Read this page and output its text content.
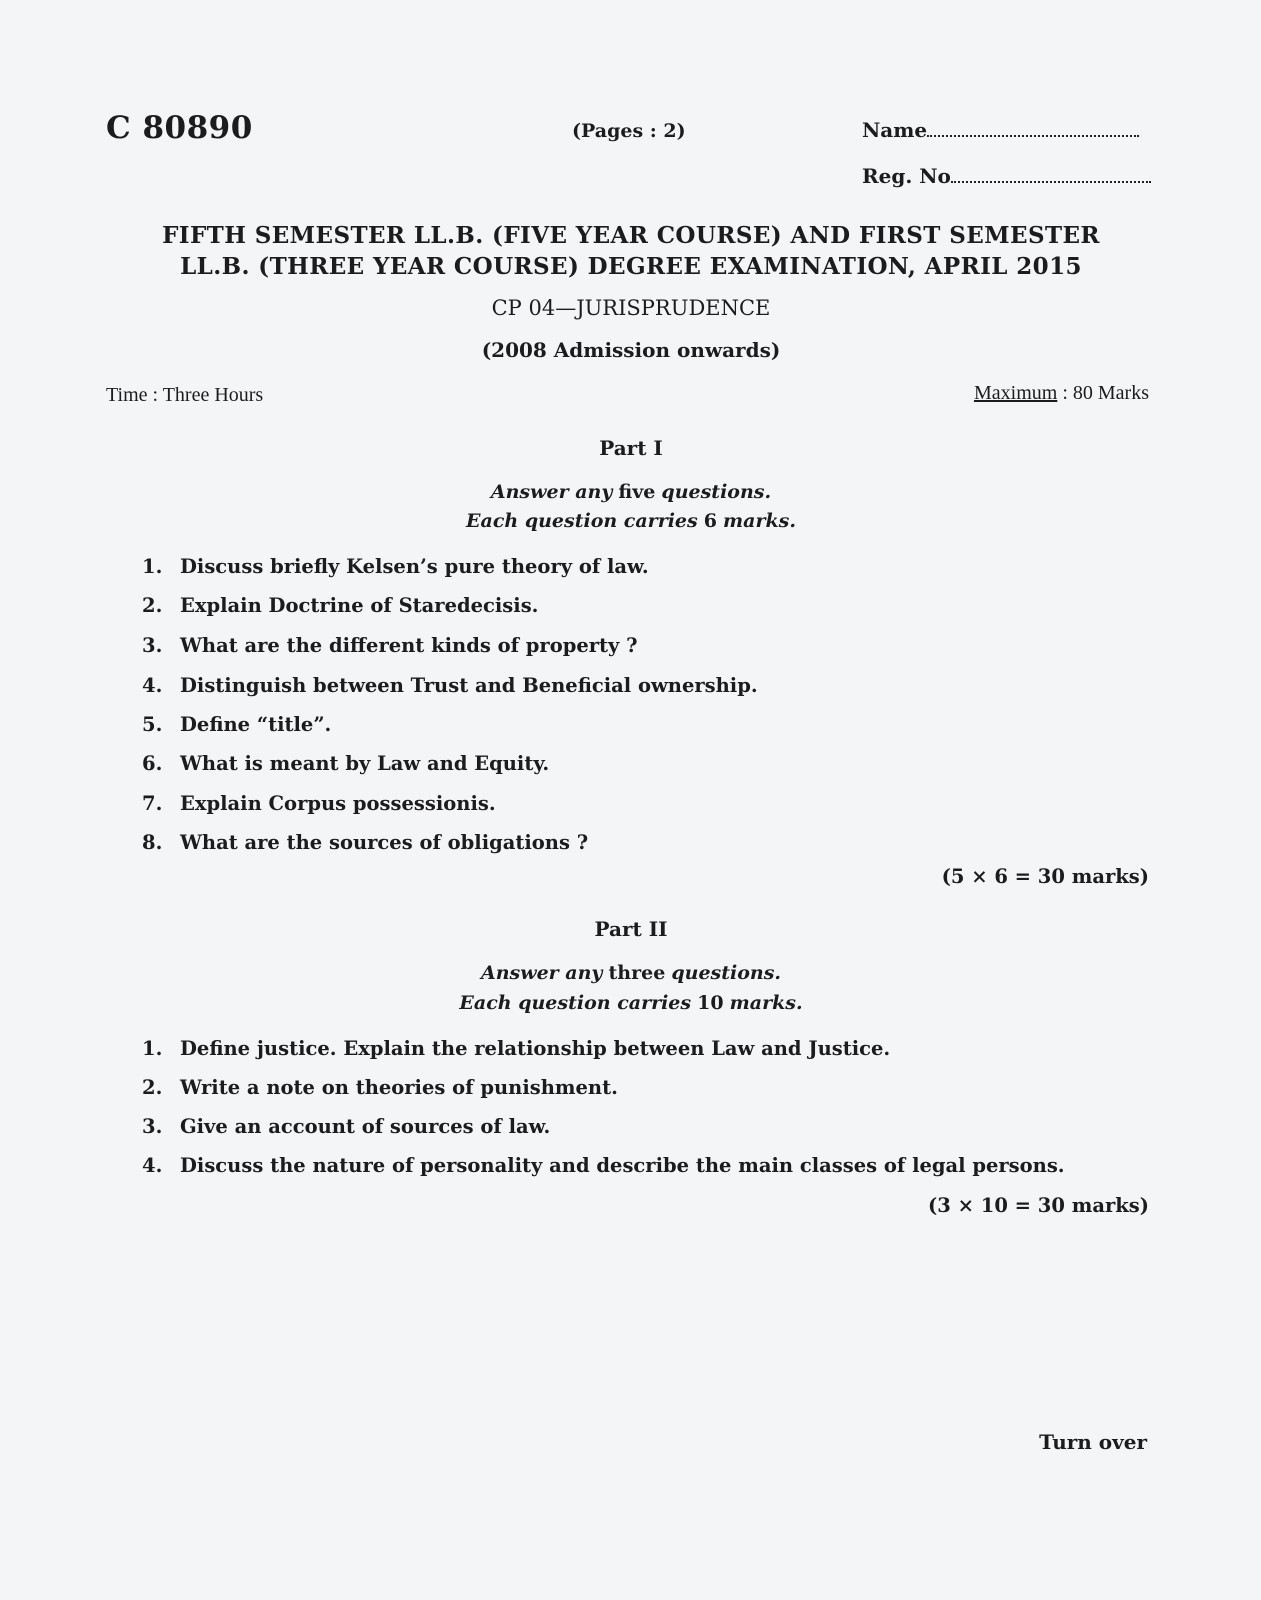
C 80890	(Pages : 2)	Name
Reg. No
FIFTH SEMESTER LL.B. (FIVE YEAR COURSE) AND FIRST SEMESTER
LL.B. (THREE YEAR COURSE) DEGREE EXAMINATION, APRIL 2015
CP 04—JURISPRUDENCE
(2008 Admission onwards)
Time : Three Hours	Maximum : 80 Marks
Part I
Answer any five questions.
Each question carries 6 marks.
1. Discuss briefly Kelsen’s pure theory of law.
2. Explain Doctrine of Staredecisis.
3. What are the different kinds of property ?
4. Distinguish between Trust and Beneficial ownership.
5. Define “title”.
6. What is meant by Law and Equity.
7. Explain Corpus possessionis.
8. What are the sources of obligations ?
(5 × 6 = 30 marks)
Part II
Answer any three questions.
Each question carries 10 marks.
1. Define justice. Explain the relationship between Law and Justice.
2. Write a note on theories of punishment.
3. Give an account of sources of law.
4. Discuss the nature of personality and describe the main classes of legal persons.
(3 × 10 = 30 marks)
Turn over
